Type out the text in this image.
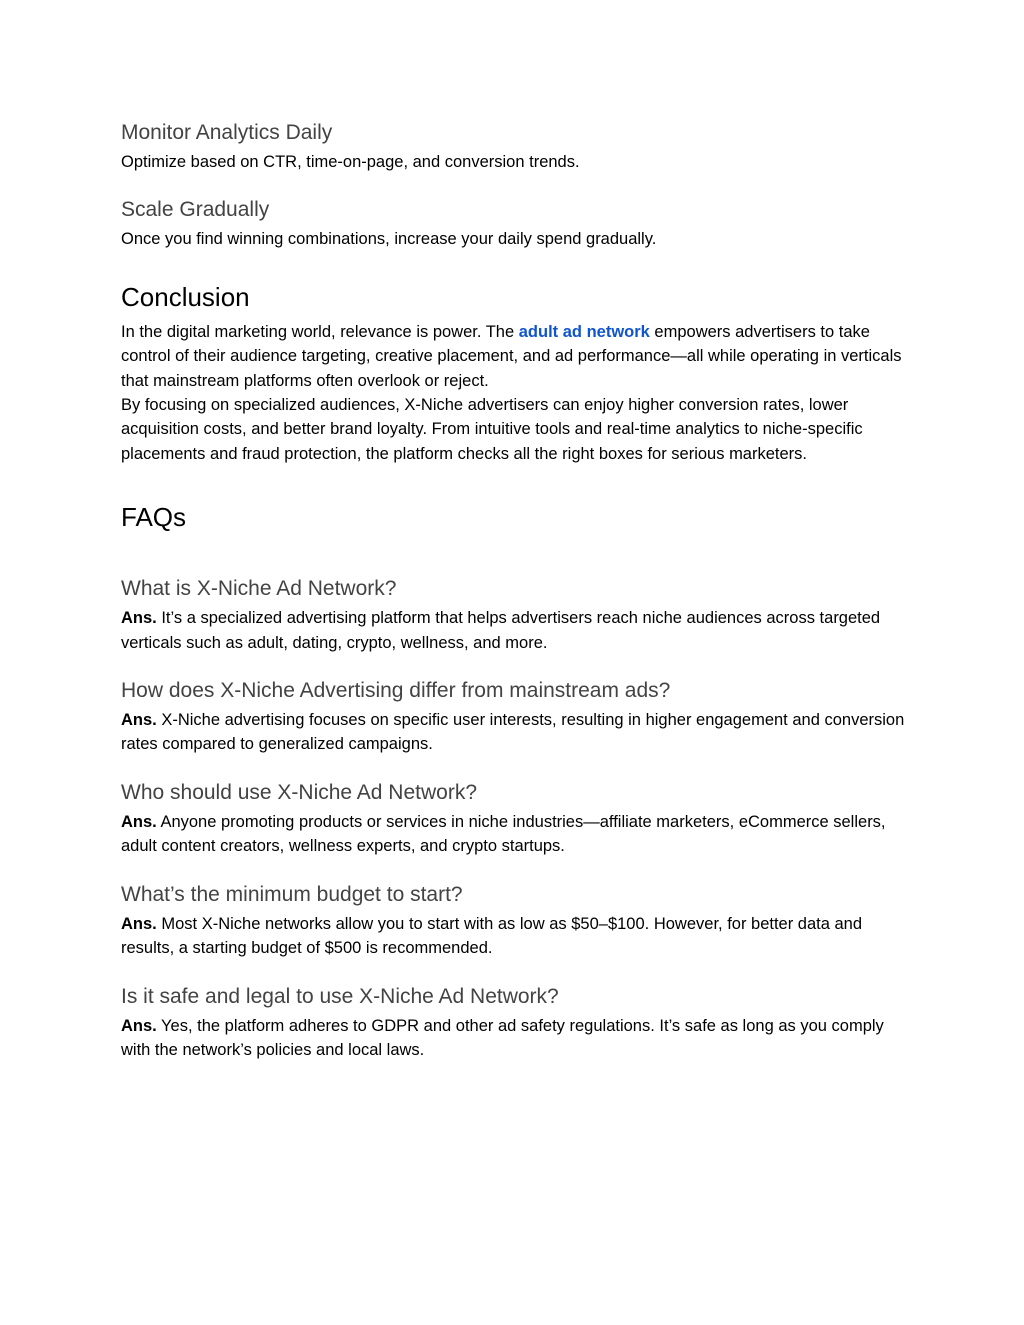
Monitor Analytics Daily

Optimize based on CTR, time-on-page, and conversion trends.

Scale Gradually

Once you find winning combinations, increase your daily spend gradually.

Conclusion

In the digital marketing world, relevance is power. The adult ad network empowers advertisers to take control of their audience targeting, creative placement, and ad performance—all while operating in verticals that mainstream platforms often overlook or reject.

By focusing on specialized audiences, X-Niche advertisers can enjoy higher conversion rates, lower acquisition costs, and better brand loyalty. From intuitive tools and real-time analytics to niche-specific placements and fraud protection, the platform checks all the right boxes for serious marketers.

FAQs
What is X-Niche Ad Network?

Ans. It’s a specialized advertising platform that helps advertisers reach niche audiences across targeted verticals such as adult, dating, crypto, wellness, and more.

How does X-Niche Advertising differ from mainstream ads?

Ans. X-Niche advertising focuses on specific user interests, resulting in higher engagement and conversion rates compared to generalized campaigns.

Who should use X-Niche Ad Network?

Ans. Anyone promoting products or services in niche industries—affiliate marketers, eCommerce sellers, adult content creators, wellness experts, and crypto startups.

What’s the minimum budget to start?

Ans. Most X-Niche networks allow you to start with as low as $50–$100. However, for better data and results, a starting budget of $500 is recommended.

Is it safe and legal to use X-Niche Ad Network?

Ans. Yes, the platform adheres to GDPR and other ad safety regulations. It’s safe as long as you comply with the network’s policies and local laws.
